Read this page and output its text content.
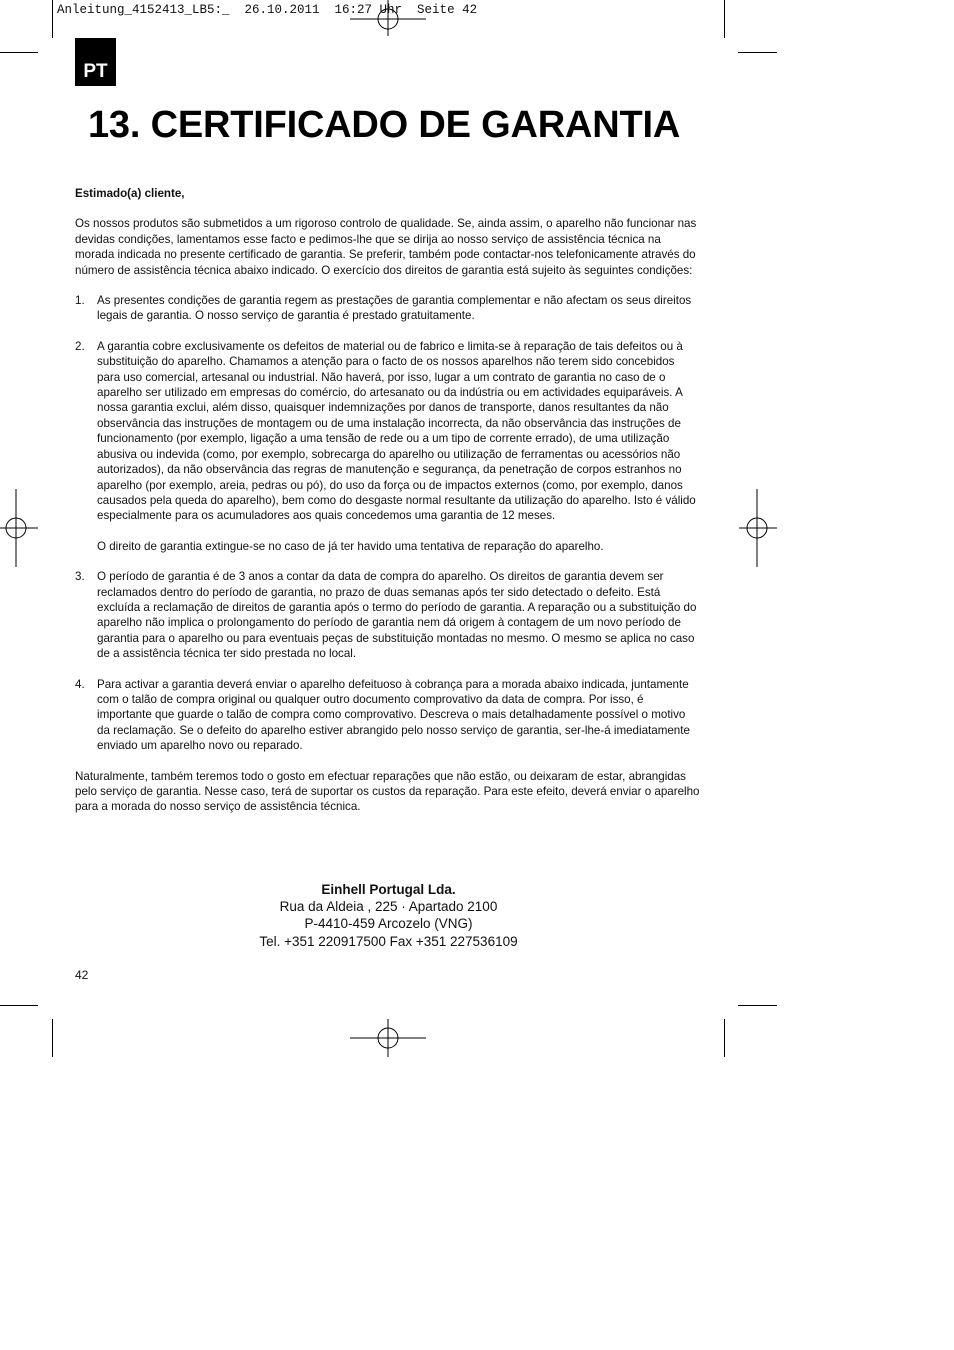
Anleitung_4152413_LB5:_  26.10.2011  16:27 Uhr  Seite 42
PT
13. CERTIFICADO DE GARANTIA

Estimado(a) cliente,

Os nossos produtos são submetidos a um rigoroso controlo de qualidade. Se, ainda assim, o aparelho não funcionar nas devidas condições, lamentamos esse facto e pedimos-lhe que se dirija ao nosso serviço de assistência técnica na morada indicada no presente certificado de garantia. Se preferir, também pode contactar-nos telefonicamente através do número de assistência técnica abaixo indicado. O exercício dos direitos de garantia está sujeito às seguintes condições:

1.	As presentes condições de garantia regem as prestações de garantia complementar e não afectam os seus direitos legais de garantia. O nosso serviço de garantia é prestado gratuitamente.

2.	A garantia cobre exclusivamente os defeitos de material ou de fabrico e limita-se à reparação de tais defeitos ou à substituição do aparelho. Chamamos a atenção para o facto de os nossos aparelhos não terem sido concebidos para uso comercial, artesanal ou industrial. Não haverá, por isso, lugar a um contrato de garantia no caso de o aparelho ser utilizado em empresas do comércio, do artesanato ou da indústria ou em actividades equiparáveis. A nossa garantia exclui, além disso, quaisquer indemnizações por danos de transporte, danos resultantes da não observância das instruções de montagem ou de uma instalação incorrecta, da não observância das instruções de funcionamento (por exemplo, ligação a uma tensão de rede ou a um tipo de corrente errado), de uma utilização abusiva ou indevida (como, por exemplo, sobrecarga do aparelho ou utilização de ferramentas ou acessórios não autorizados), da não observância das regras de manutenção e segurança, da penetração de corpos estranhos no aparelho (por exemplo, areia, pedras ou pó), do uso da força ou de impactos externos (como, por exemplo, danos causados pela queda do aparelho), bem como do desgaste normal resultante da utilização do aparelho. Isto é válido especialmente para os acumuladores aos quais concedemos uma garantia de 12 meses.

O direito de garantia extingue-se no caso de já ter havido uma tentativa de reparação do aparelho.

3.	O período de garantia é de 3 anos a contar da data de compra do aparelho. Os direitos de garantia devem ser reclamados dentro do período de garantia, no prazo de duas semanas após ter sido detectado o defeito. Está excluída a reclamação de direitos de garantia após o termo do período de garantia. A reparação ou a substituição do aparelho não implica o prolongamento do período de garantia nem dá origem à contagem de um novo período de garantia para o aparelho ou para eventuais peças de substituição montadas no mesmo. O mesmo se aplica no caso de a assistência técnica ter sido prestada no local.

4.	Para activar a garantia deverá enviar o aparelho defeituoso à cobrança para a morada abaixo indicada, juntamente com o talão de compra original ou qualquer outro documento comprovativo da data de compra. Por isso, é importante que guarde o talão de compra como comprovativo. Descreva o mais detalhadamente possível o motivo da reclamação. Se o defeito do aparelho estiver abrangido pelo nosso serviço de garantia, ser-lhe-á imediatamente enviado um aparelho novo ou reparado.

Naturalmente, também teremos todo o gosto em efectuar reparações que não estão, ou deixaram de estar, abrangidas pelo serviço de garantia. Nesse caso, terá de suportar os custos da reparação. Para este efeito, deverá enviar o aparelho para a morada do nosso serviço de assistência técnica.

Einhell Portugal Lda.
Rua da Aldeia , 225 · Apartado 2100
P-4410-459 Arcozelo (VNG)
Tel. +351 220917500 Fax +351 227536109
42
